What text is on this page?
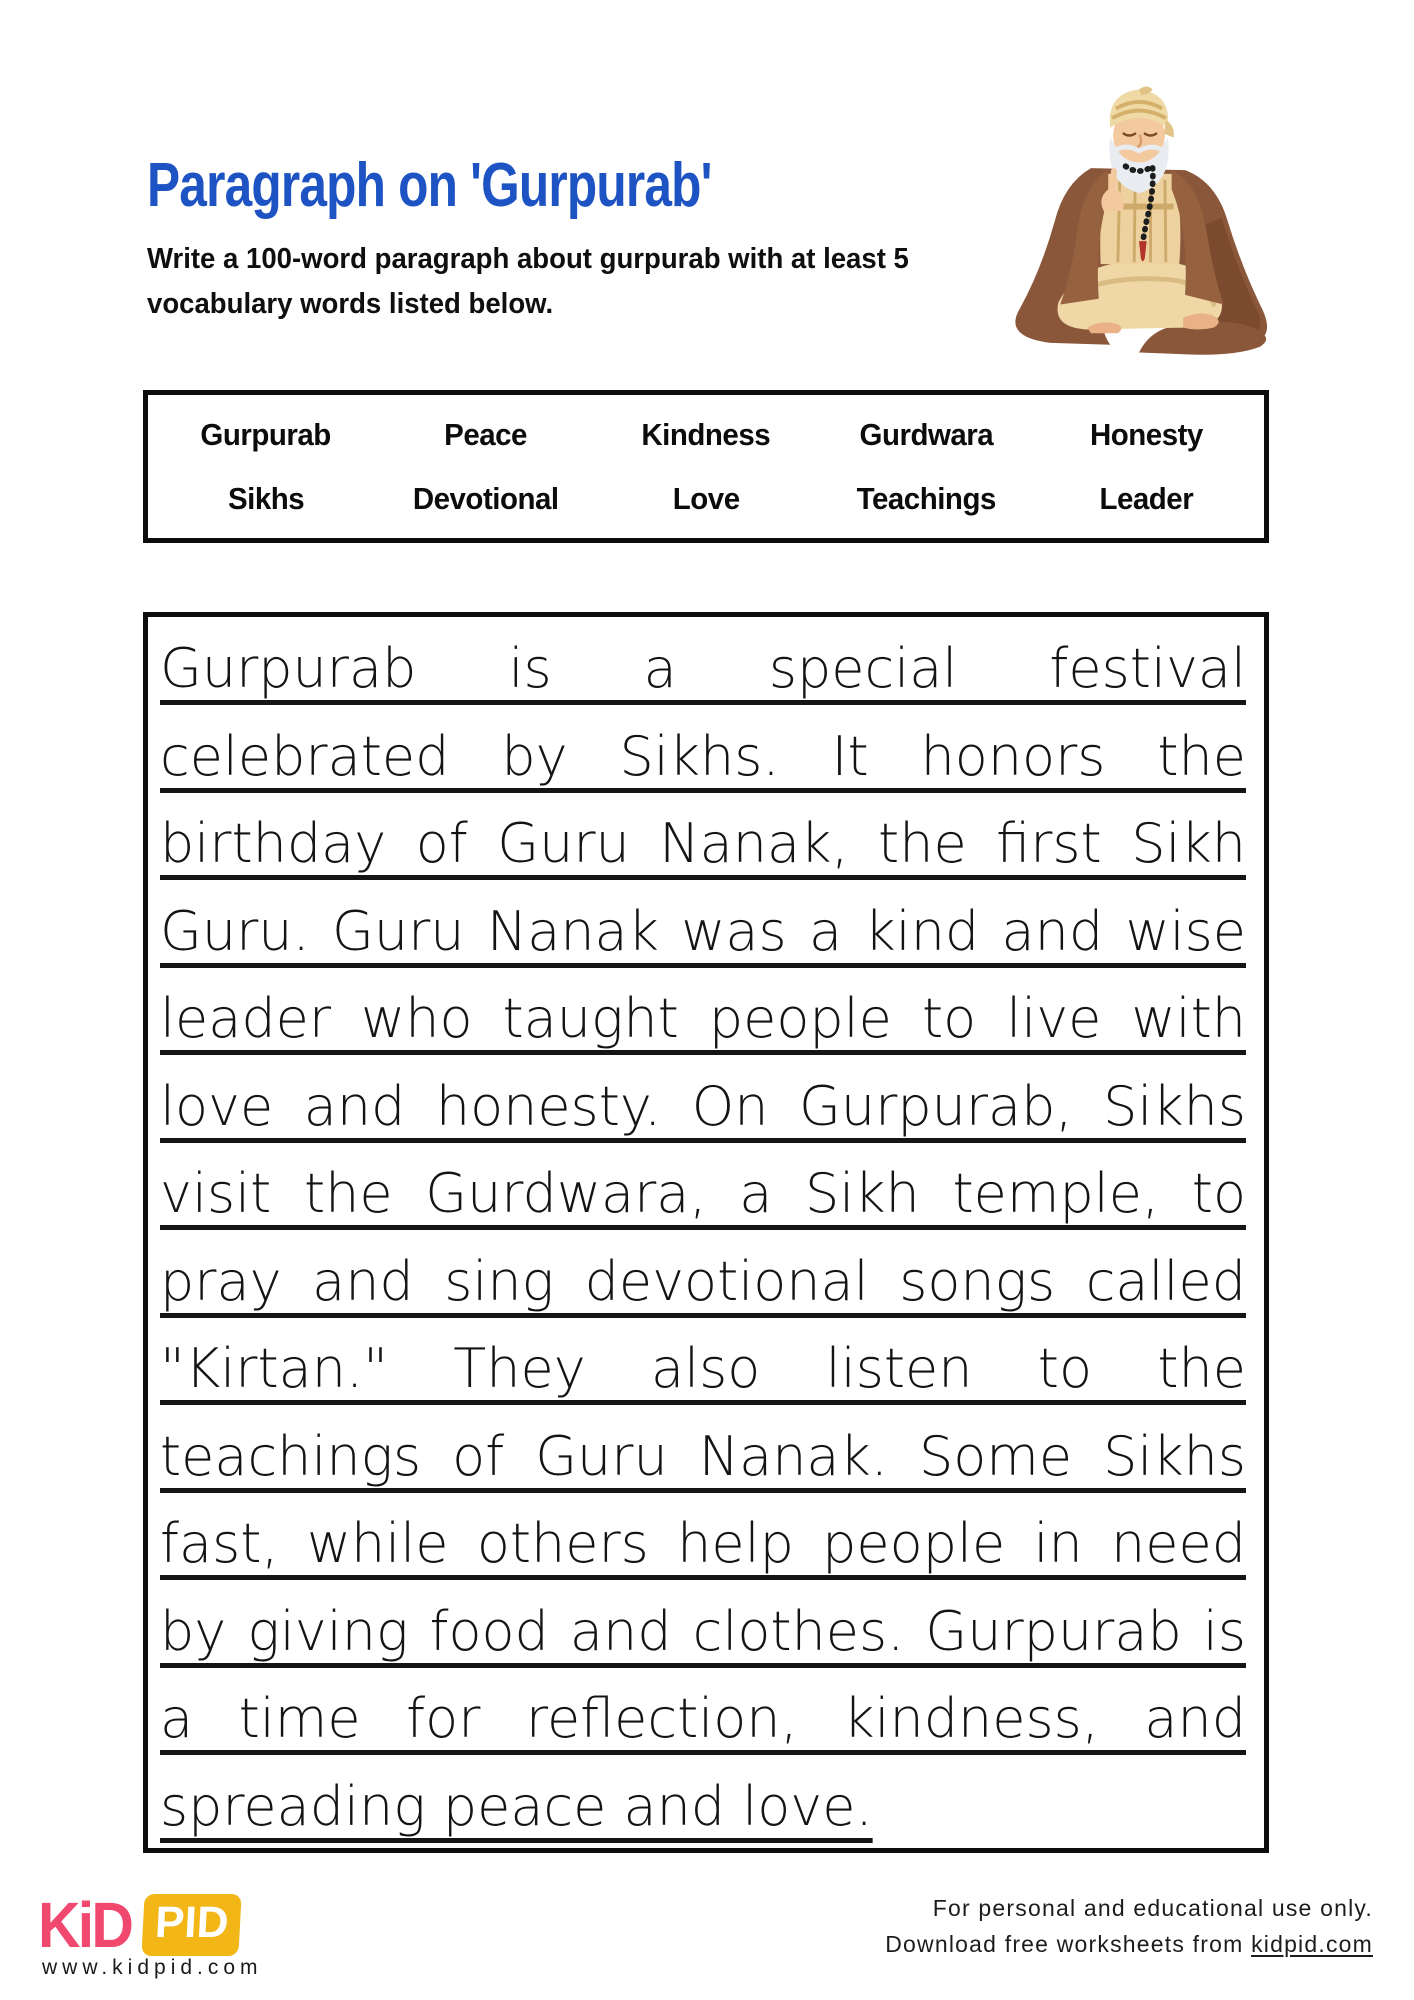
Paragraph on 'Gurpurab'
Write a 100-word paragraph about gurpurab with at least 5
vocabulary words listed below.
Gurpurab	Peace	Kindness	Gurdwara	Honesty
Sikhs	Devotional	Love	Teachings	Leader
Gurpurab is a special festival
celebrated by Sikhs. It honors the
birthday of Guru Nanak, the first Sikh
Guru. Guru Nanak was a kind and wise
leader who taught people to live with
love and honesty. On Gurpurab, Sikhs
visit the Gurdwara, a Sikh temple, to
pray and sing devotional songs called
"Kirtan." They also listen to the
teachings of Guru Nanak. Some Sikhs
fast, while others help people in need
by giving food and clothes. Gurpurab is
a time for reflection, kindness, and
spreading peace and love.
KiD PID
www.kidpid.com
For personal and educational use only.
Download free worksheets from kidpid.com
